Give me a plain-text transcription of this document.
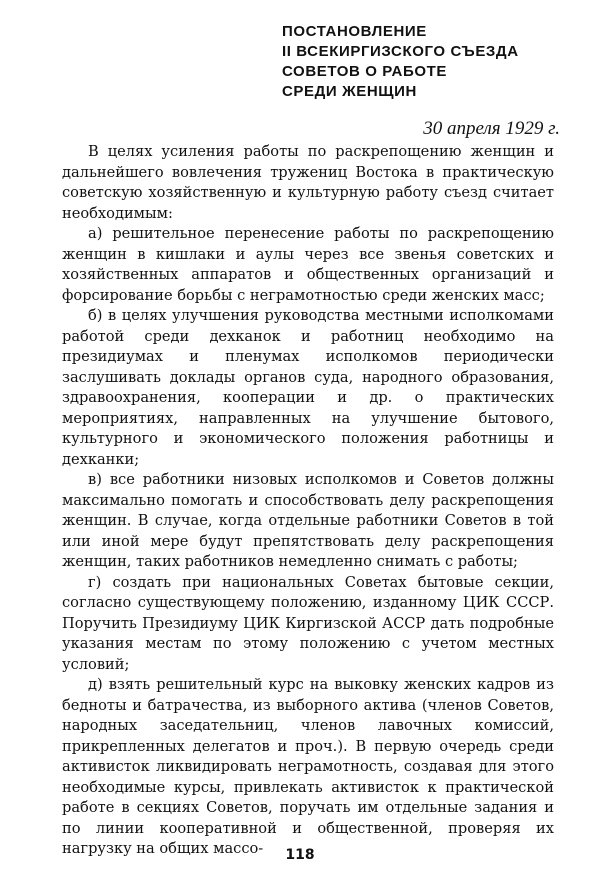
ПОСТАНОВЛЕНИЕ
II ВСЕКИРГИЗСКОГО СЪЕЗДА
СОВЕТОВ О РАБОТЕ
СРЕДИ ЖЕНЩИН
30 апреля 1929 г.

В целях усиления работы по раскрепощению женщин и дальнейшего вовлечения тружениц Востока в практическую советскую хозяйственную и культурную работу съезд считает необходимым:

а) решительное перенесение работы по раскрепощению женщин в кишлаки и аулы через все звенья советских и хозяйственных аппаратов и общественных организаций и форсирование борьбы с неграмотностью среди женских масс;

б) в целях улучшения руководства местными исполкомами работой среди дехканок и работниц необходимо на президиумах и пленумах исполкомов периодически заслушивать доклады органов суда, народного образования, здравоохранения, кооперации и др. о практических мероприятиях, направленных на улучшение бытового, культурного и экономического положения работницы и дехканки;

в) все работники низовых исполкомов и Советов должны максимально помогать и способствовать делу раскрепощения женщин. В случае, когда отдельные работники Советов в той или иной мере будут препятствовать делу раскрепощения женщин, таких работников немедленно снимать с работы;

г) создать при национальных Советах бытовые секции, согласно существующему положению, изданному ЦИК СССР. Поручить Президиуму ЦИК Киргизской АССР дать подробные указания местам по этому положению с учетом местных условий;

д) взять решительный курс на выковку женских кадров из бедноты и батрачества, из выборного актива (членов Советов, народных заседательниц, членов лавочных комиссий, прикрепленных делегатов и проч.). В первую очередь среди активисток ликвидировать неграмотность, создавая для этого необходимые курсы, привлекать активисток к практической работе в секциях Советов, поручать им отдельные задания и по линии кооперативной и общественной, проверяя их нагрузку на общих массо-	118
